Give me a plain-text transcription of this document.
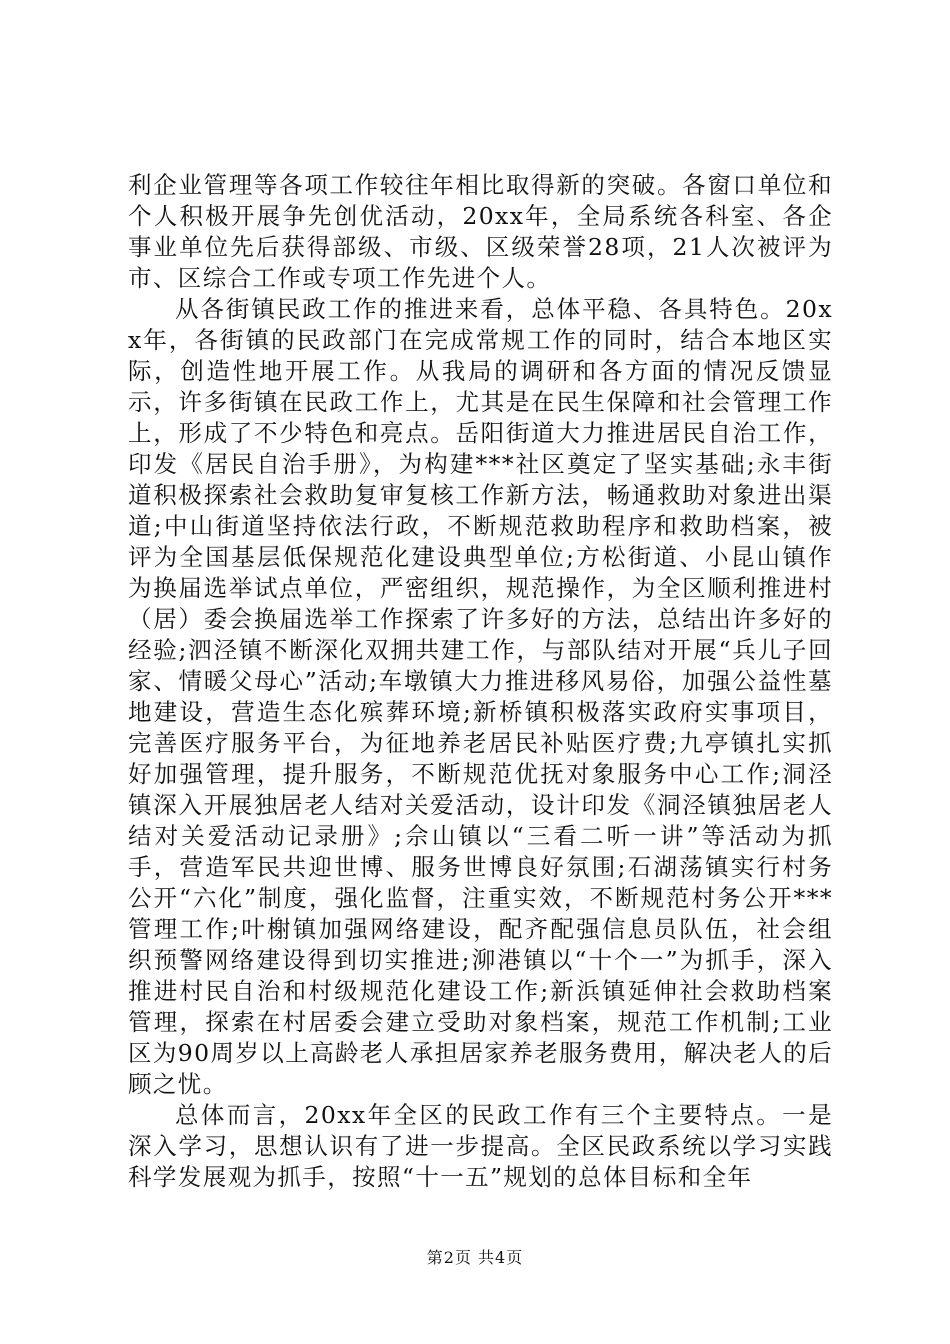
利企业管理等各项工作较往年相比取得新的突破。各窗口单位和个人积极开展争先创优活动，20xx年，全局系统各科室、各企事业单位先后获得部级、市级、区级荣誉28项，21人次被评为市、区综合工作或专项工作先进个人。

从各街镇民政工作的推进来看，总体平稳、各具特色。20xx年，各街镇的民政部门在完成常规工作的同时，结合本地区实际，创造性地开展工作。从我局的调研和各方面的情况反馈显示，许多街镇在民政工作上，尤其是在民生保障和社会管理工作上，形成了不少特色和亮点。岳阳街道大力推进居民自治工作，印发《居民自治手册》，为构建***社区奠定了坚实基础;永丰街道积极探索社会救助复审复核工作新方法，畅通救助对象进出渠道;中山街道坚持依法行政，不断规范救助程序和救助档案，被评为全国基层低保规范化建设典型单位;方松街道、小昆山镇作为换届选举试点单位，严密组织，规范操作，为全区顺利推进村（居）委会换届选举工作探索了许多好的方法，总结出许多好的经验;泗泾镇不断深化双拥共建工作，与部队结对开展“兵儿子回家、情暖父母心”活动;车墩镇大力推进移风易俗，加强公益性墓地建设，营造生态化殡葬环境;新桥镇积极落实政府实事项目，完善医疗服务平台，为征地养老居民补贴医疗费;九亭镇扎实抓好加强管理，提升服务，不断规范优抚对象服务中心工作;洞泾镇深入开展独居老人结对关爱活动，设计印发《洞泾镇独居老人结对关爱活动记录册》;佘山镇以“三看二听一讲”等活动为抓手，营造军民共迎世博、服务世博良好氛围;石湖荡镇实行村务公开“六化”制度，强化监督，注重实效，不断规范村务公开***管理工作;叶榭镇加强网络建设，配齐配强信息员队伍，社会组织预警网络建设得到切实推进;泖港镇以“十个一”为抓手，深入推进村民自治和村级规范化建设工作;新浜镇延伸社会救助档案管理，探索在村居委会建立受助对象档案，规范工作机制;工业区为90周岁以上高龄老人承担居家养老服务费用，解决老人的后顾之忧。

总体而言，20xx年全区的民政工作有三个主要特点。一是深入学习，思想认识有了进一步提高。全区民政系统以学习实践科学发展观为抓手，按照“十一五”规划的总体目标和全年

第2页 共4页
